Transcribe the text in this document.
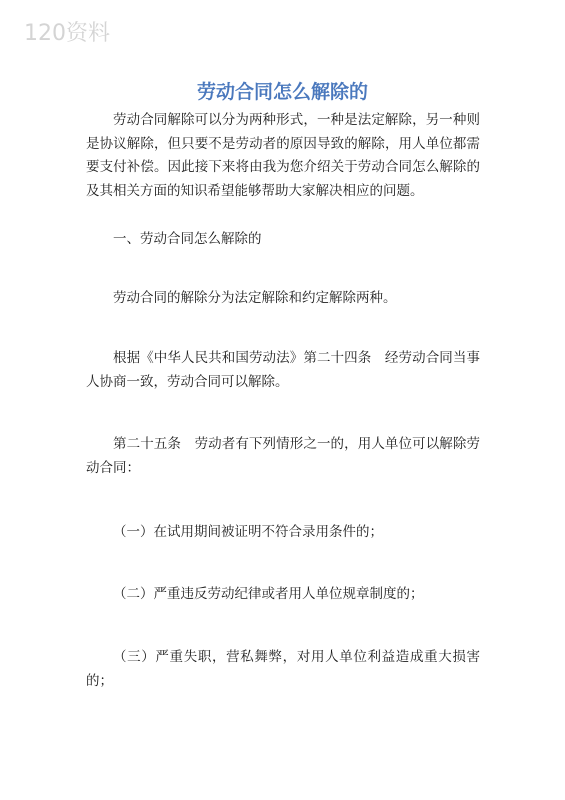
120资料
劳动合同怎么解除的

劳动合同解除可以分为两种形式，一种是法定解除，另一种则是协议解除，但只要不是劳动者的原因导致的解除，用人单位都需要支付补偿。因此接下来将由我为您介绍关于劳动合同怎么解除的及其相关方面的知识希望能够帮助大家解决相应的问题。

一、劳动合同怎么解除的

劳动合同的解除分为法定解除和约定解除两种。

根据《中华人民共和国劳动法》第二十四条　经劳动合同当事人协商一致，劳动合同可以解除。

第二十五条　劳动者有下列情形之一的，用人单位可以解除劳动合同：

（一）在试用期间被证明不符合录用条件的；

（二）严重违反劳动纪律或者用人单位规章制度的；

（三）严重失职，营私舞弊，对用人单位利益造成重大损害的；
